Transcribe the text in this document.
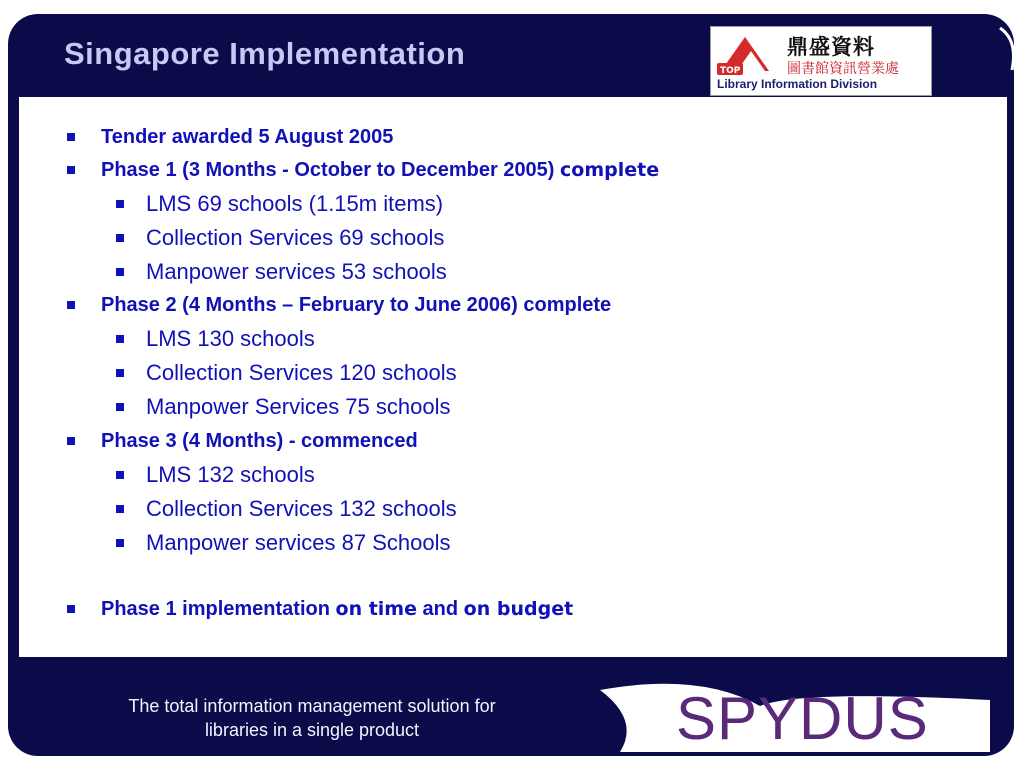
Singapore Implementation	TOP
鼎盛資料
圖書館資訊營業處
Library Information Division
Tender awarded 5 August 2005
Phase 1 (3 Months - October to December 2005) complete
LMS 69 schools (1.15m items)
Collection Services 69 schools
Manpower services 53 schools
Phase 2 (4 Months – February to June 2006) complete
LMS 130 schools
Collection Services 120 schools
Manpower Services 75 schools
Phase 3 (4 Months) - commenced
LMS 132 schools
Collection Services 132 schools
Manpower services 87 Schools
Phase 1 implementation on time and on budget
The total information management solution for
libraries in a single product	SPYDUS
